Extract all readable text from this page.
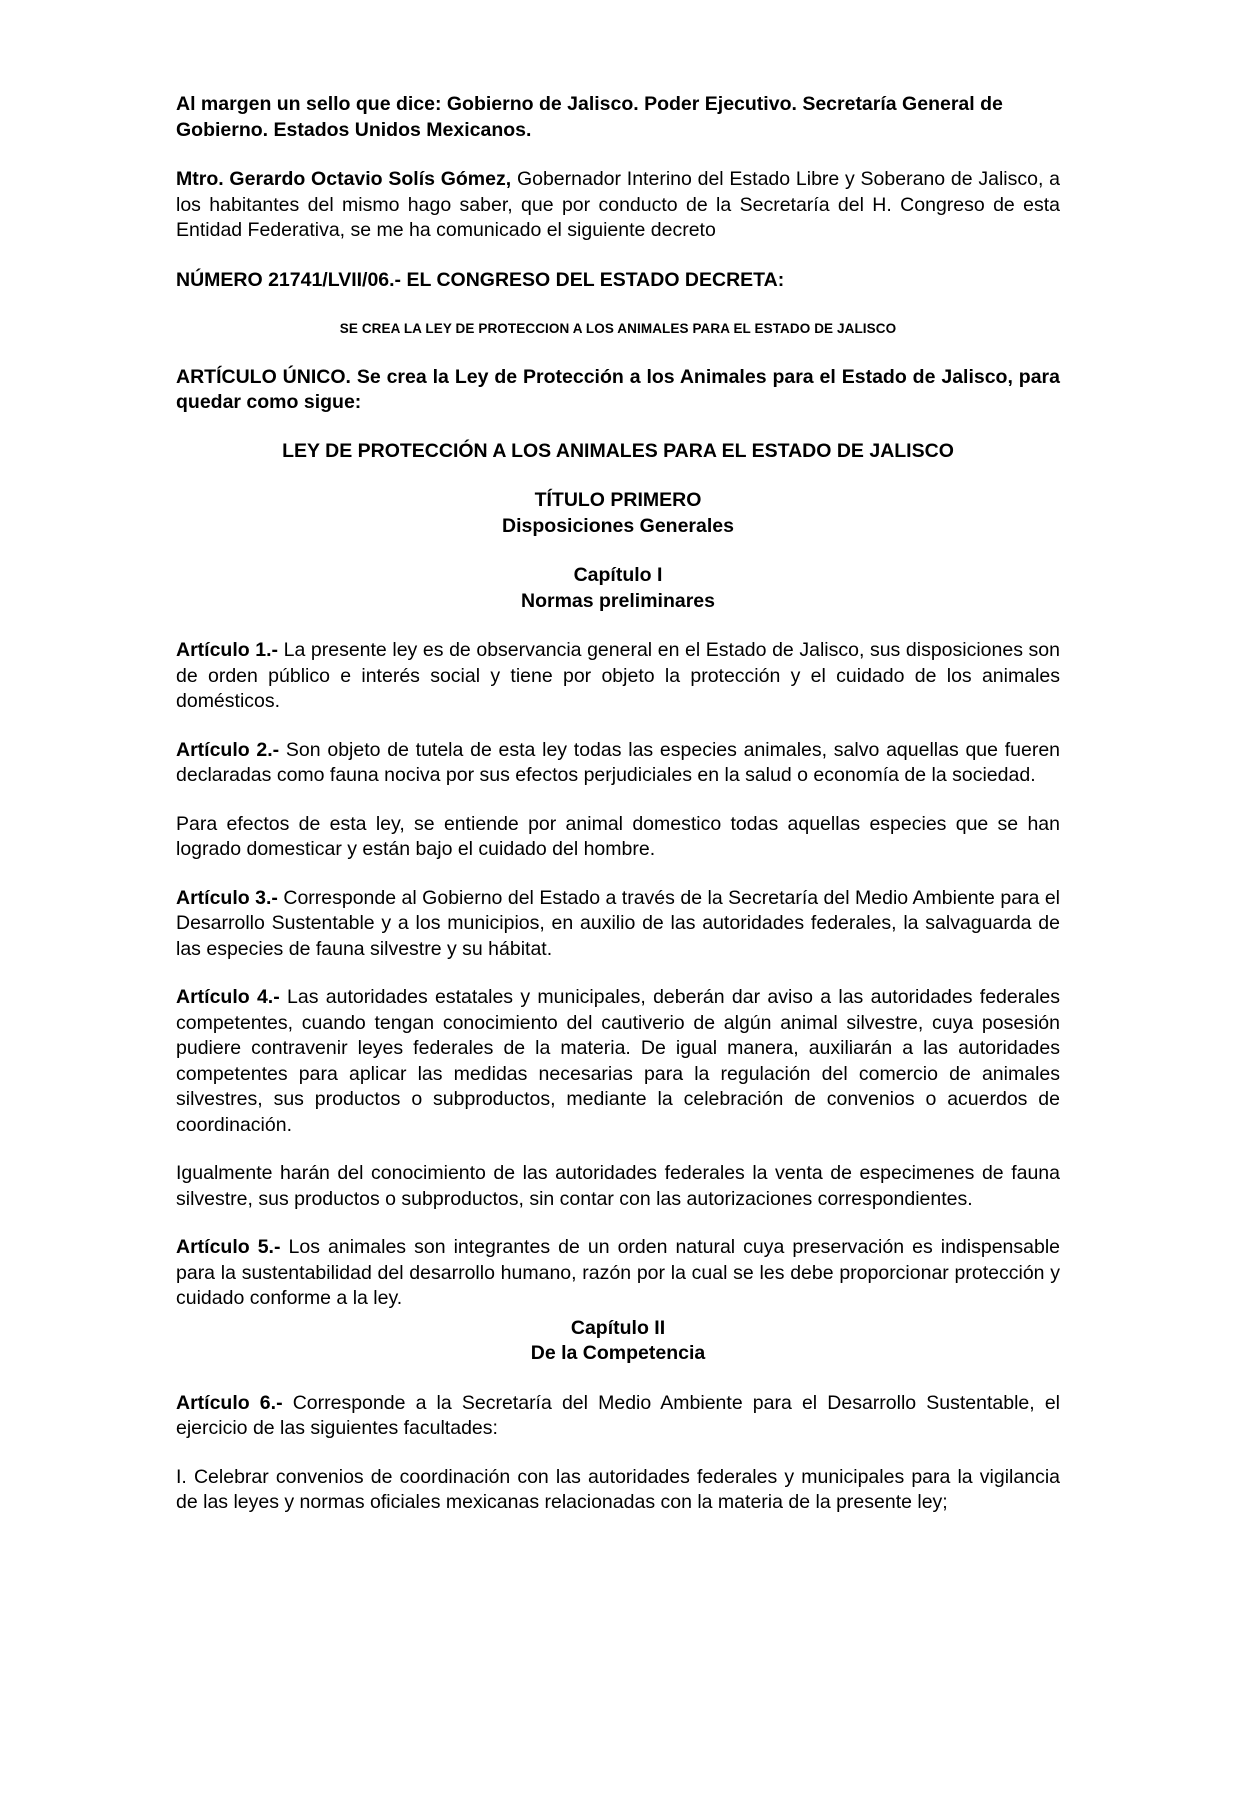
Al margen un sello que dice: Gobierno de Jalisco. Poder Ejecutivo. Secretaría General de Gobierno. Estados Unidos Mexicanos.

Mtro. Gerardo Octavio Solís Gómez, Gobernador Interino del Estado Libre y Soberano de Jalisco, a los habitantes del mismo hago saber, que por conducto de la Secretaría del H. Congreso de esta Entidad Federativa, se me ha comunicado el siguiente decreto

NÚMERO 21741/LVII/06.- EL CONGRESO DEL ESTADO DECRETA:

SE CREA LA LEY DE PROTECCION A LOS ANIMALES PARA EL ESTADO DE JALISCO

ARTÍCULO ÚNICO. Se crea la Ley de Protección a los Animales para el Estado de Jalisco, para quedar como sigue:

LEY DE PROTECCIÓN A LOS ANIMALES PARA EL ESTADO DE JALISCO

TÍTULO PRIMERO

Disposiciones Generales

Capítulo I

Normas preliminares

Artículo 1.- La presente ley es de observancia general en el Estado de Jalisco, sus disposiciones son de orden público e interés social y tiene por objeto la protección y el cuidado de los animales domésticos.

Artículo 2.- Son objeto de tutela de esta ley todas las especies animales, salvo aquellas que fueren declaradas como fauna nociva por sus efectos perjudiciales en la salud o economía de la sociedad.

Para efectos de esta ley, se entiende por animal domestico todas aquellas especies que se han logrado domesticar y están bajo el cuidado del hombre.

Artículo 3.- Corresponde al Gobierno del Estado a través de la Secretaría del Medio Ambiente para el Desarrollo Sustentable y a los municipios, en auxilio de las autoridades federales, la salvaguarda de las especies de fauna silvestre y su hábitat.

Artículo 4.- Las autoridades estatales y municipales, deberán dar aviso a las autoridades federales competentes, cuando tengan conocimiento del cautiverio de algún animal silvestre, cuya posesión pudiere contravenir leyes federales de la materia. De igual manera, auxiliarán a las autoridades competentes para aplicar las medidas necesarias para la regulación del comercio de animales silvestres, sus productos o subproductos, mediante la celebración de convenios o acuerdos de coordinación.

Igualmente harán del conocimiento de las autoridades federales la venta de especimenes de fauna silvestre, sus productos o subproductos, sin contar con las autorizaciones correspondientes.

Artículo 5.- Los animales son integrantes de un orden natural cuya preservación es indispensable para la sustentabilidad del desarrollo humano, razón por la cual se les debe proporcionar protección y cuidado conforme a la ley.

Capítulo II

De la Competencia

Artículo 6.- Corresponde a la Secretaría del Medio Ambiente para el Desarrollo Sustentable, el ejercicio de las siguientes facultades:

I. Celebrar convenios de coordinación con las autoridades federales y municipales para la vigilancia de las leyes y normas oficiales mexicanas relacionadas con la materia de la presente ley;
